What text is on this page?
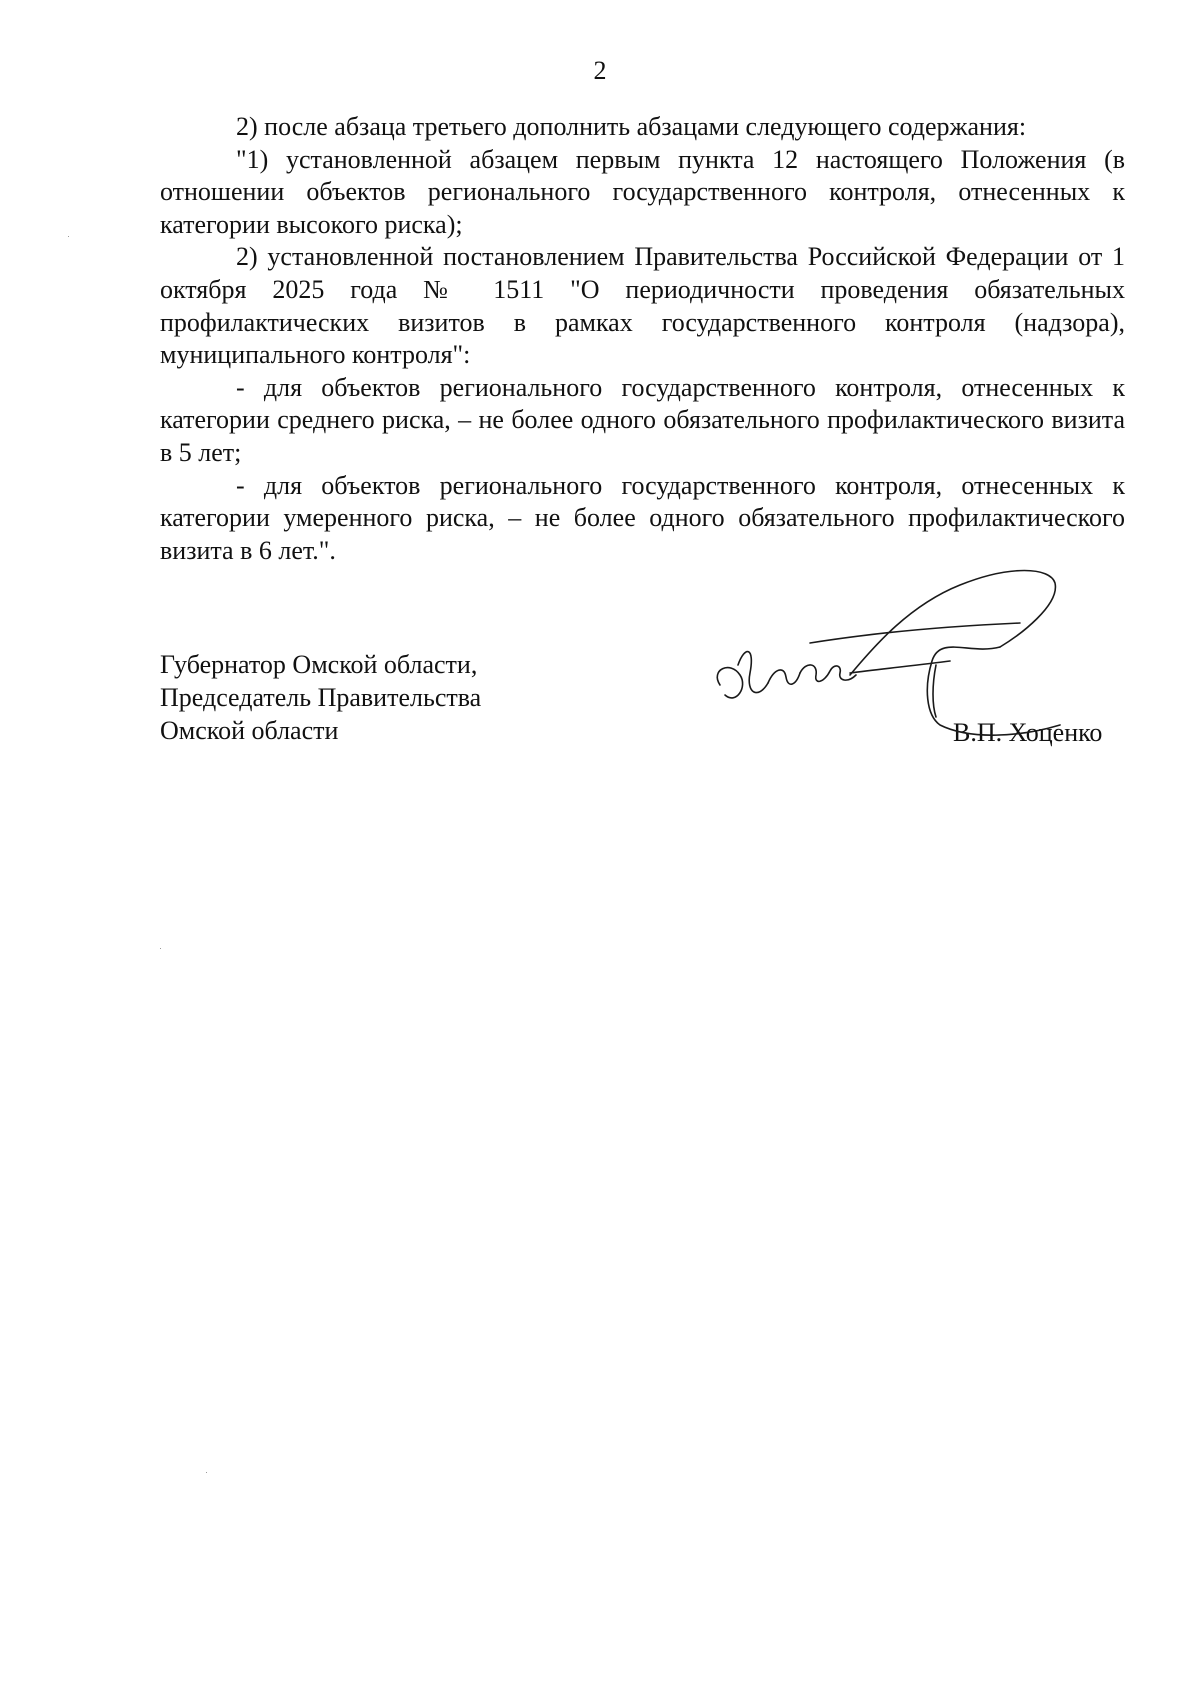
2

2) после абзаца третьего дополнить абзацами следующего содержания:

"1) установленной абзацем первым пункта 12 настоящего Положения (в отношении объектов регионального государственного контроля, отнесенных к категории высокого риска);

2) установленной постановлением Правительства Российской Федерации от 1 октября 2025 года № 1511 "О периодичности проведения обязательных профилактических визитов в рамках государственного контроля (надзора), муниципального контроля":

- для объектов регионального государственного контроля, отнесенных к категории среднего риска, – не более одного обязательного профилактического визита в 5 лет;

- для объектов регионального государственного контроля, отнесенных к категории умеренного риска, – не более одного обязательного профилактического визита в 6 лет.".

Губернатор Омской области,
Председатель Правительства
Омской области	В.П. Хоценко
